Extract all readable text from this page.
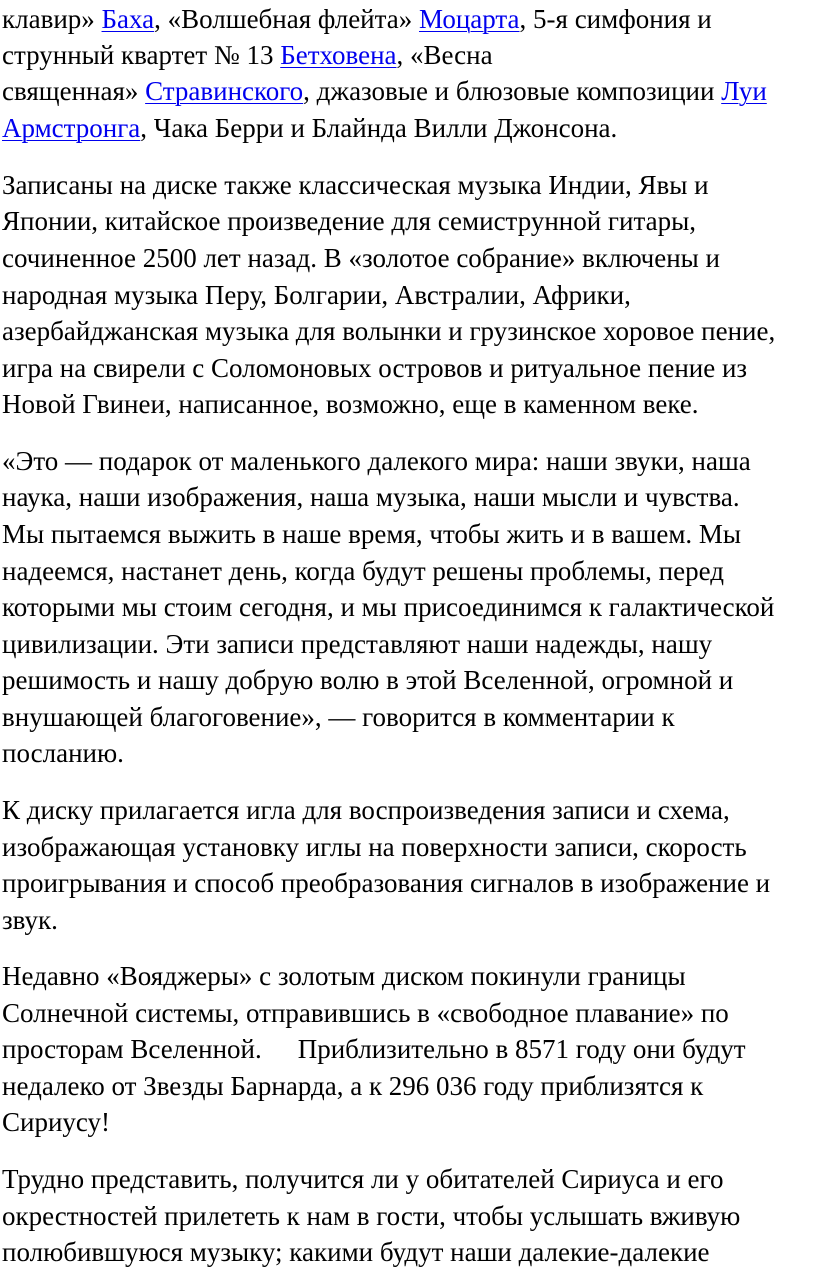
клавир» Баха, «Волшебная флейта» Моцарта, 5-я симфония и
струнный квартет № 13 Бетховена, «Весна
священная» Стравинского, джазовые и блюзовые композиции Луи
Армстронга, Чака Берри и Блайнда Вилли Джонсона.
Записаны на диске также классическая музыка Индии, Явы и
Японии, китайское произведение для семиструнной гитары,
сочиненное 2500 лет назад. В «золотое собрание» включены и
народная музыка Перу, Болгарии, Австралии, Африки,
азербайджанская музыка для волынки и грузинское хоровое пение,
игра на свирели с Соломоновых островов и ритуальное пение из
Новой Гвинеи, написанное, возможно, еще в каменном веке.
«Это — подарок от маленького далекого мира: наши звуки, наша
наука, наши изображения, наша музыка, наши мысли и чувства.
Мы пытаемся выжить в наше время, чтобы жить и в вашем. Мы
надеемся, настанет день, когда будут решены проблемы, перед
которыми мы стоим сегодня, и мы присоединимся к галактической
цивилизации. Эти записи представляют наши надежды, нашу
решимость и нашу добрую волю в этой Вселенной, огромной и
внушающей благоговение», — говорится в комментарии к
посланию.
К диску прилагается игла для воспроизведения записи и схема,
изображающая установку иглы на поверхности записи, скорость
проигрывания и способ преобразования сигналов в изображение и
звук.
Недавно «Вояджеры» с золотым диском покинули границы
Солнечной системы, отправившись в «свободное плавание» по
просторам Вселенной. Приблизительно в 8571 году они будут
недалеко от Звезды Барнарда, а к 296 036 году приблизятся к
Сириусу!
Трудно представить, получится ли у обитателей Сириуса и его
окрестностей прилететь к нам в гости, чтобы услышать вживую
полюбившуюся музыку; какими будут наши далекие-далекие
